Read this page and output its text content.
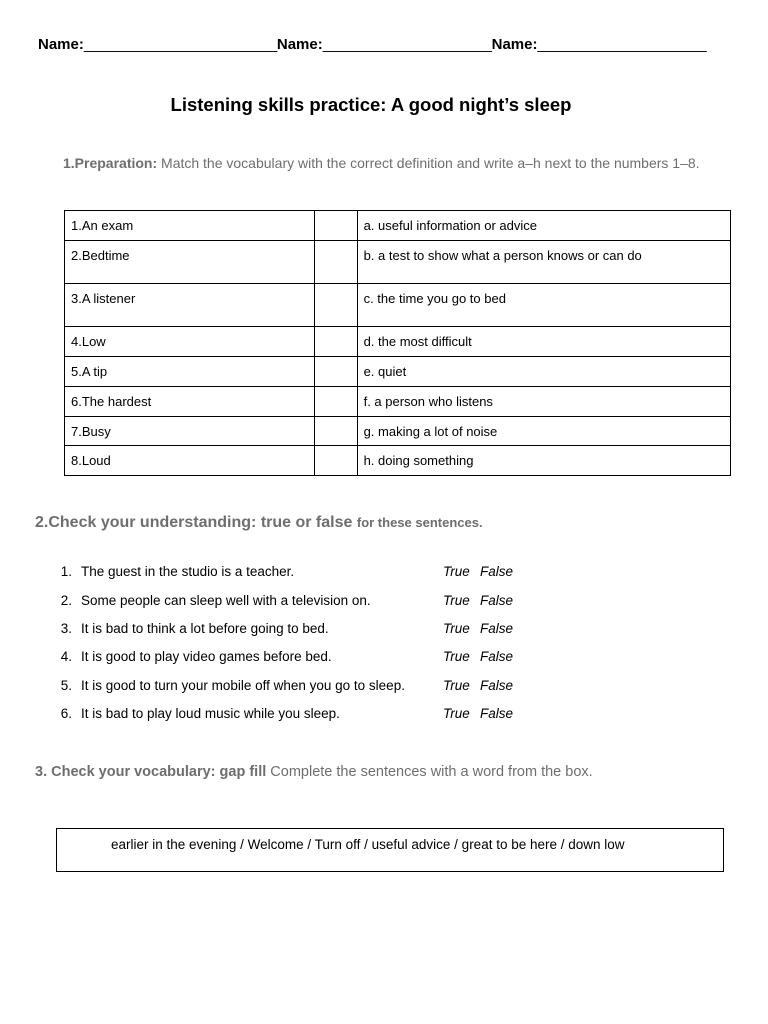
Name:________________________Name:_____________________Name:_____________________
Listening skills practice: A good night’s sleep
1.Preparation: Match the vocabulary with the correct definition and write a–h next to the numbers 1–8.
1.An exam		a. useful information or advice
2.Bedtime		b. a test to show what a person knows or can do
3.A listener		c. the time you go to bed
4.Low		d. the most difficult
5.A tip		e. quiet
6.The hardest		f. a person who listens
7.Busy		g. making a lot of noise
8.Loud		h. doing something
2.Check your understanding: true or false for these sentences.
1. The guest in the studio is a teacher.	True False
2. Some people can sleep well with a television on.	True False
3. It is bad to think a lot before going to bed.	True False
4. It is good to play video games before bed.	True False
5. It is good to turn your mobile off when you go to sleep.	True False
6. It is bad to play loud music while you sleep.	True False
3. Check your vocabulary: gap fill Complete the sentences with a word from the box.
earlier in the evening / Welcome / Turn off / useful advice / great to be here / down low
